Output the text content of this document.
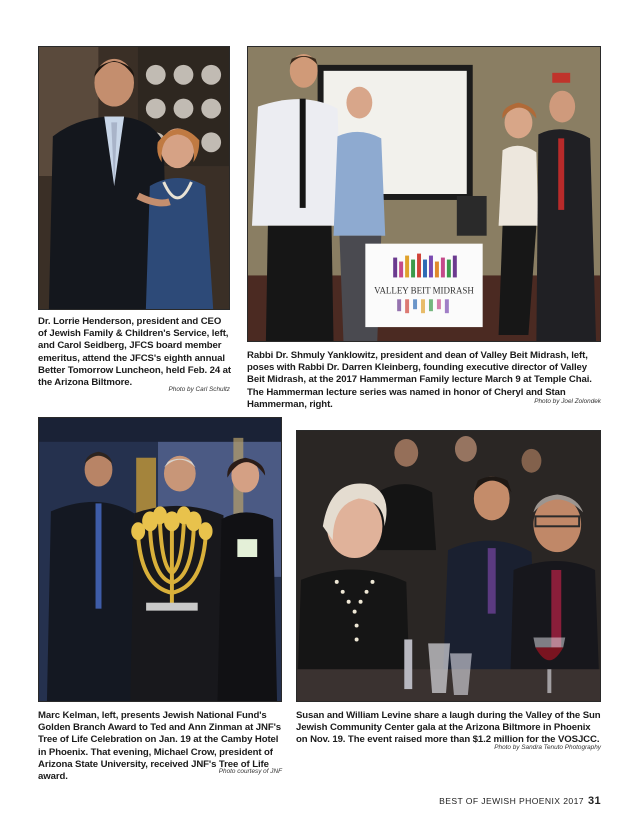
Dr. Lorrie Henderson, president and CEO of Jewish Family & Children's Service, left, and Carol Seidberg, JFCS board member emeritus, attend the JFCS's eighth annual Better Tomorrow Luncheon, held Feb. 24 at the Arizona Biltmore.
Photo by Carl Schultz
VALLEY BEIT MIDRASH
Rabbi Dr. Shmuly Yanklowitz, president and dean of Valley Beit Midrash, left, poses with Rabbi Dr. Darren Kleinberg, founding executive director of Valley Beit Midrash, at the 2017 Hammerman Family lecture March 9 at Temple Chai. The Hammerman lecture series was named in honor of Cheryl and Stan Hammerman, right.	Photo by Joel Zolondek
Marc Kelman, left, presents Jewish National Fund's Golden Branch Award to Ted and Ann Zinman at JNF's Tree of Life Celebration on Jan. 19 at the Camby Hotel in Phoenix. That evening, Michael Crow, president of Arizona State University, received JNF's Tree of Life award.	Photo courtesy of JNF
Susan and William Levine share a laugh during the Valley of the Sun Jewish Community Center gala at the Arizona Biltmore in Phoenix on Nov. 19. The event raised more than $1.2 million for the VOSJCC.
Photo by Sandra Tenuto Photography
BEST OF JEWISH PHOENIX 2017 31
